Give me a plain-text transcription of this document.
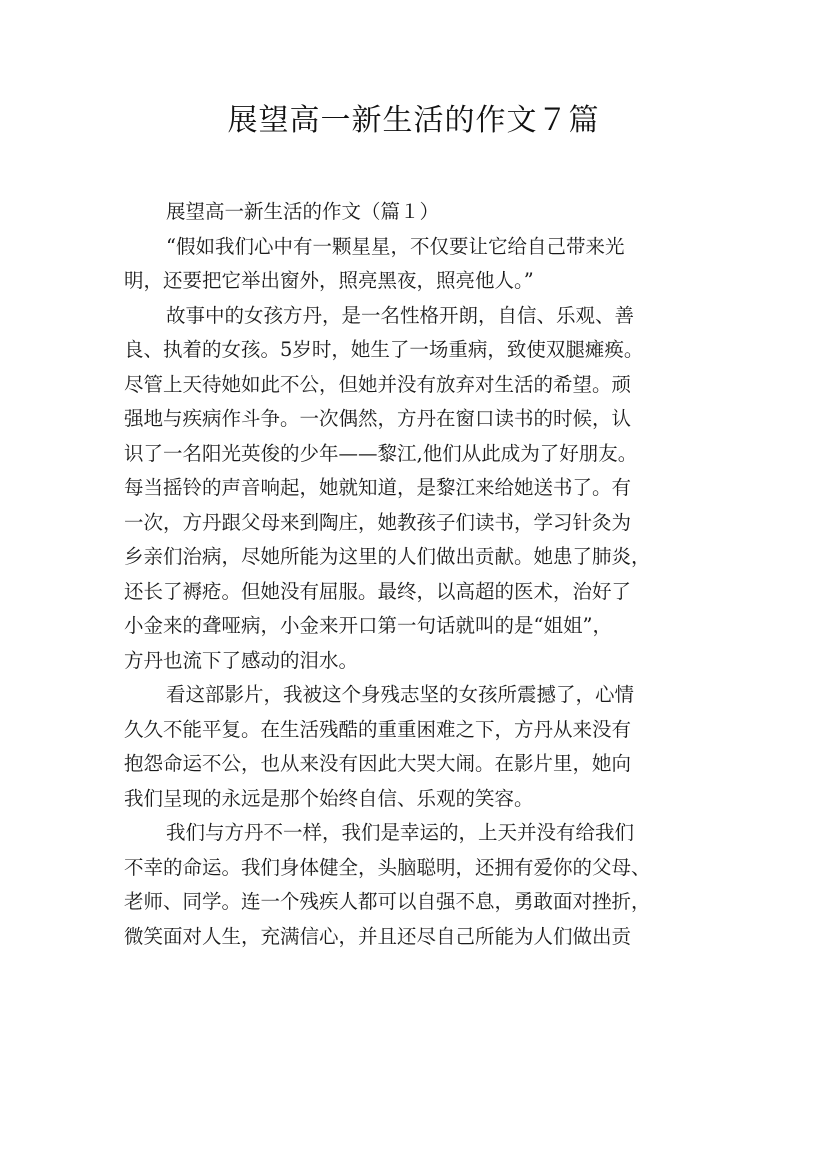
展望高一新生活的作文７篇
展望高一新生活的作文（篇１）
“假如我们心中有一颗星星，不仅要让它给自己带来光
明，还要把它举出窗外，照亮黑夜，照亮他人。”
故事中的女孩方丹，是一名性格开朗，自信、乐观、善
良、执着的女孩。5岁时，她生了一场重病，致使双腿瘫痪。
尽管上天待她如此不公，但她并没有放弃对生活的希望。顽
强地与疾病作斗争。一次偶然，方丹在窗口读书的时候，认
识了一名阳光英俊的少年——黎江,他们从此成为了好朋友。
每当摇铃的声音响起，她就知道，是黎江来给她送书了。有
一次，方丹跟父母来到陶庄，她教孩子们读书，学习针灸为
乡亲们治病，尽她所能为这里的人们做出贡献。她患了肺炎，
还长了褥疮。但她没有屈服。最终，以高超的医术，治好了
小金来的聋哑病，小金来开口第一句话就叫的是“姐姐”，
方丹也流下了感动的泪水。
看这部影片，我被这个身残志坚的女孩所震撼了，心情
久久不能平复。在生活残酷的重重困难之下，方丹从来没有
抱怨命运不公，也从来没有因此大哭大闹。在影片里，她向
我们呈现的永远是那个始终自信、乐观的笑容。
我们与方丹不一样，我们是幸运的，上天并没有给我们
不幸的命运。我们身体健全，头脑聪明，还拥有爱你的父母、
老师、同学。连一个残疾人都可以自强不息，勇敢面对挫折，
微笑面对人生，充满信心，并且还尽自己所能为人们做出贡
